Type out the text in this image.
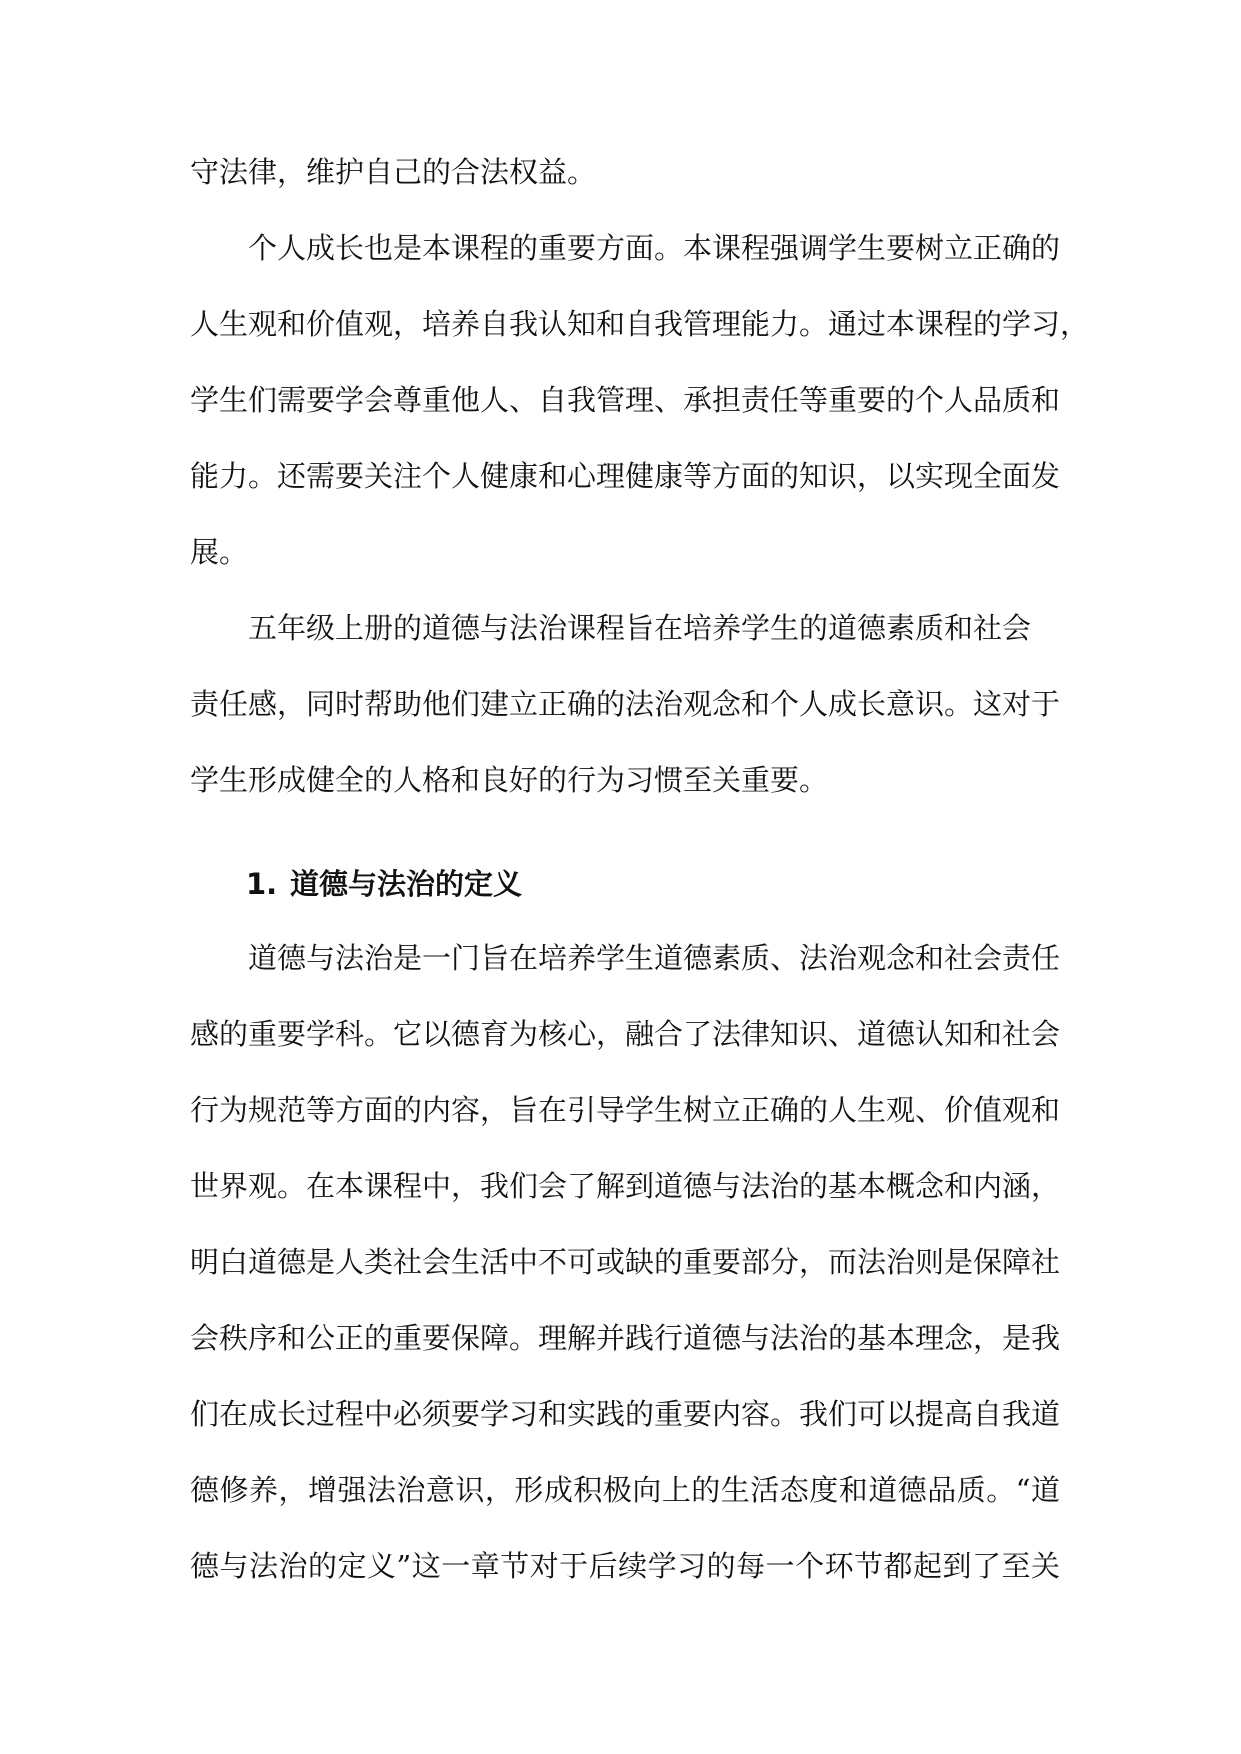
守法律，维护自己的合法权益。
个人成长也是本课程的重要方面。本课程强调学生要树立正确的
人生观和价值观，培养自我认知和自我管理能力。通过本课程的学习，
学生们需要学会尊重他人、自我管理、承担责任等重要的个人品质和
能力。还需要关注个人健康和心理健康等方面的知识，以实现全面发
展。
五年级上册的道德与法治课程旨在培养学生的道德素质和社会
责任感，同时帮助他们建立正确的法治观念和个人成长意识。这对于
学生形成健全的人格和良好的行为习惯至关重要。
1. 道德与法治的定义
道德与法治是一门旨在培养学生道德素质、法治观念和社会责任
感的重要学科。它以德育为核心，融合了法律知识、道德认知和社会
行为规范等方面的内容，旨在引导学生树立正确的人生观、价值观和
世界观。在本课程中，我们会了解到道德与法治的基本概念和内涵，
明白道德是人类社会生活中不可或缺的重要部分，而法治则是保障社
会秩序和公正的重要保障。理解并践行道德与法治的基本理念，是我
们在成长过程中必须要学习和实践的重要内容。我们可以提高自我道
德修养，增强法治意识，形成积极向上的生活态度和道德品质。“道
德与法治的定义”这一章节对于后续学习的每一个环节都起到了至关
